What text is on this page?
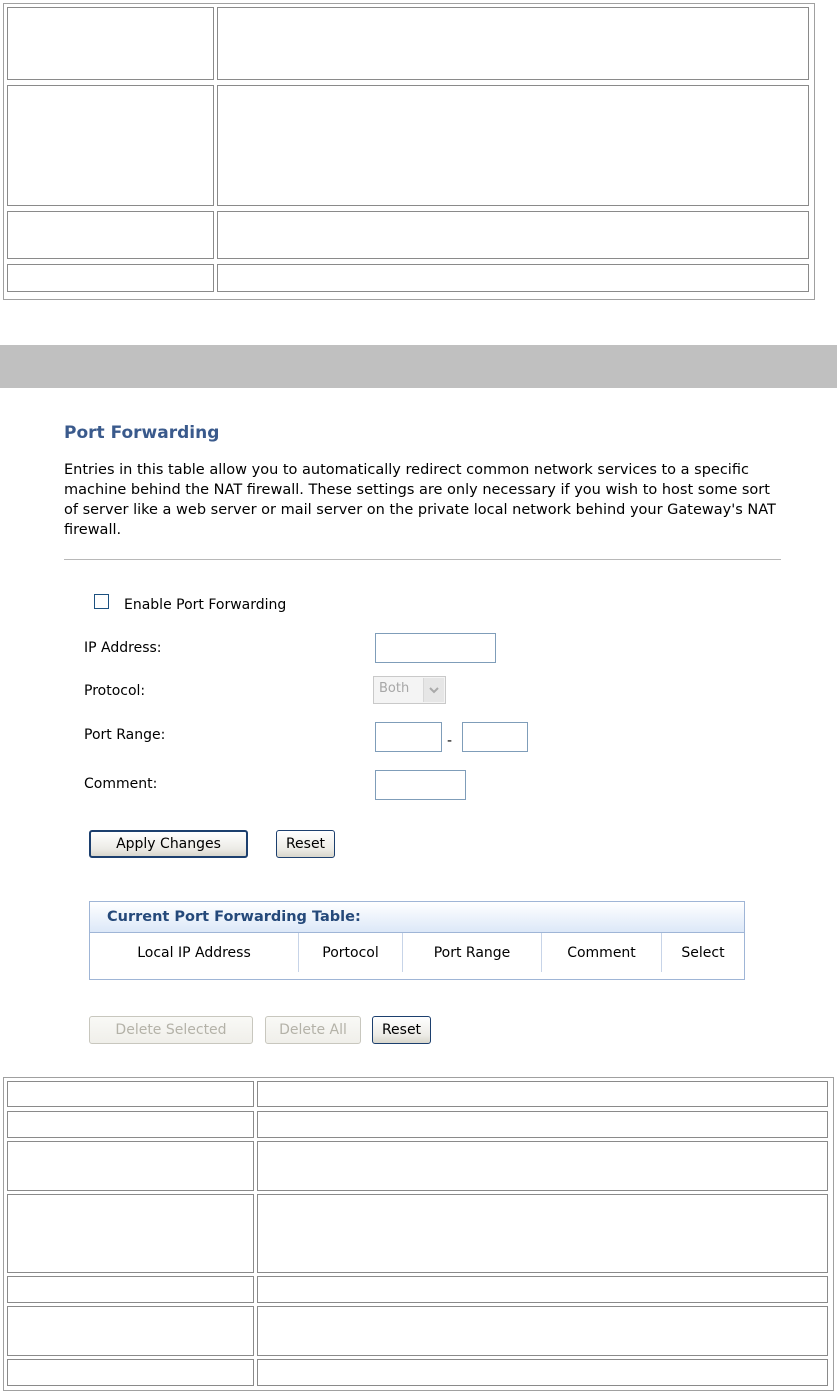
Port Forwarding
Entries in this table allow you to automatically redirect common network services to a specific
machine behind the NAT firewall. These settings are only necessary if you wish to host some sort
of server like a web server or mail server on the private local network behind your Gateway's NAT
firewall.
Enable Port Forwarding
IP Address:
Protocol:	Both
Port Range:	-
Comment:
Apply Changes	Reset
Current Port Forwarding Table:
Local IP Address	Portocol	Port Range	Comment	Select
Delete Selected	Delete All	Reset
